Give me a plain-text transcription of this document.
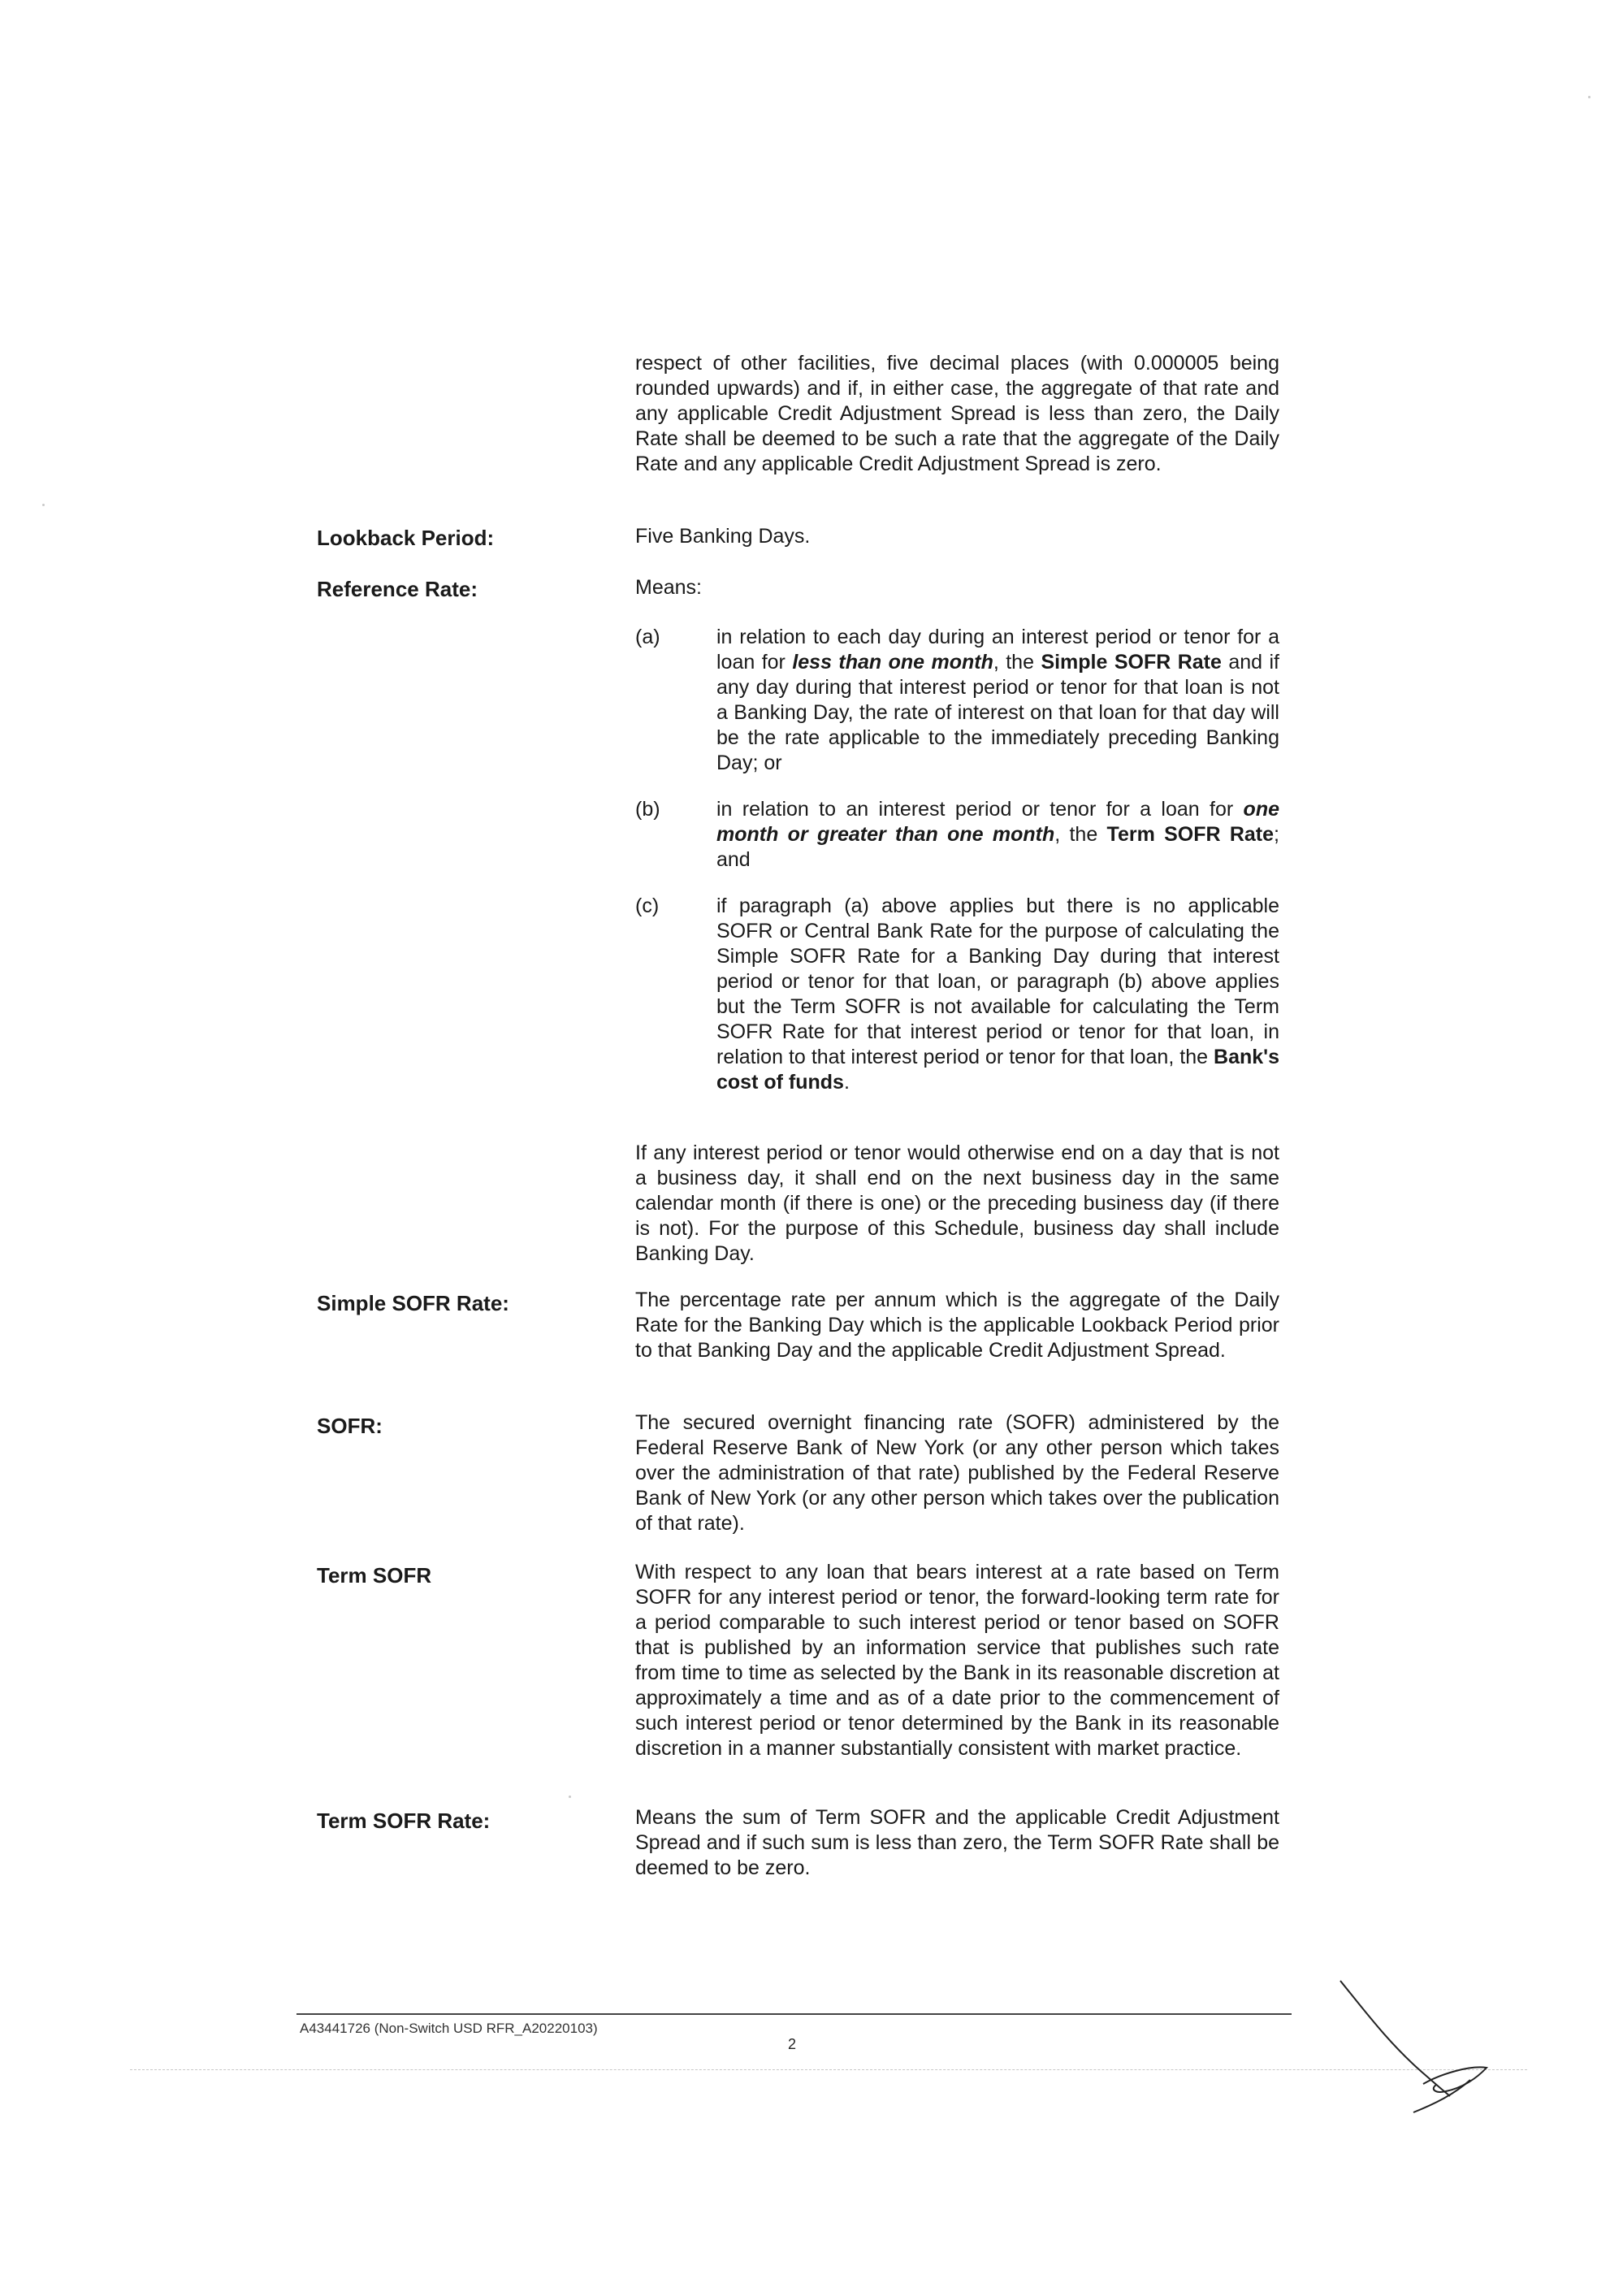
respect of other facilities, five decimal places (with 0.000005 being rounded upwards) and if, in either case, the aggregate of that rate and any applicable Credit Adjustment Spread is less than zero, the Daily Rate shall be deemed to be such a rate that the aggregate of the Daily Rate and any applicable Credit Adjustment Spread is zero.
Lookback Period:	Five Banking Days.
Reference Rate:	Means:
(a)	in relation to each day during an interest period or tenor for a loan for less than one month, the Simple SOFR Rate and if any day during that interest period or tenor for that loan is not a Banking Day, the rate of interest on that loan for that day will be the rate applicable to the immediately preceding Banking Day; or
(b)	in relation to an interest period or tenor for a loan for one month or greater than one month, the Term SOFR Rate; and
(c)	if paragraph (a) above applies but there is no applicable SOFR or Central Bank Rate for the purpose of calculating the Simple SOFR Rate for a Banking Day during that interest period or tenor for that loan, or paragraph (b) above applies but the Term SOFR is not available for calculating the Term SOFR Rate for that interest period or tenor for that loan, in relation to that interest period or tenor for that loan, the Bank's cost of funds.
If any interest period or tenor would otherwise end on a day that is not a business day, it shall end on the next business day in the same calendar month (if there is one) or the preceding business day (if there is not). For the purpose of this Schedule, business day shall include Banking Day.
Simple SOFR Rate:	The percentage rate per annum which is the aggregate of the Daily Rate for the Banking Day which is the applicable Lookback Period prior to that Banking Day and the applicable Credit Adjustment Spread.
SOFR:	The secured overnight financing rate (SOFR) administered by the Federal Reserve Bank of New York (or any other person which takes over the administration of that rate) published by the Federal Reserve Bank of New York (or any other person which takes over the publication of that rate).
Term SOFR	With respect to any loan that bears interest at a rate based on Term SOFR for any interest period or tenor, the forward-looking term rate for a period comparable to such interest period or tenor based on SOFR that is published by an information service that publishes such rate from time to time as selected by the Bank in its reasonable discretion at approximately a time and as of a date prior to the commencement of such interest period or tenor determined by the Bank in its reasonable discretion in a manner substantially consistent with market practice.
Term SOFR Rate:	Means the sum of Term SOFR and the applicable Credit Adjustment Spread and if such sum is less than zero, the Term SOFR Rate shall be deemed to be zero.
A43441726 (Non-Switch USD RFR_A20220103)
2
